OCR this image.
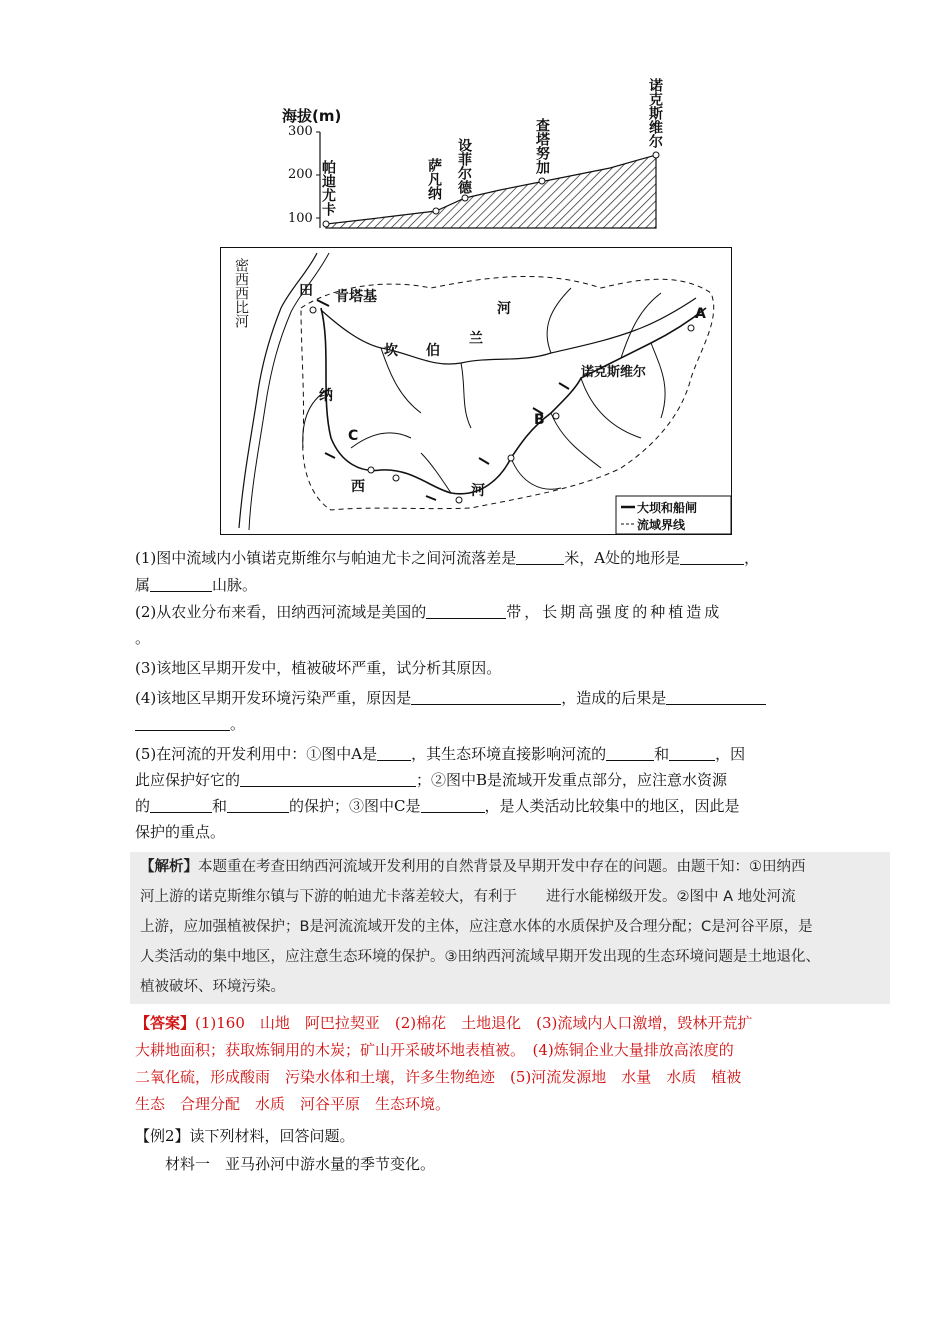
海拔(m)
300
200
100
帕迪尤卡	萨凡纳 设菲尔德	查塔努加	诺克斯维尔
密西西比河	田 肯塔基
河
坎 伯
兰
诺克斯维尔
纳
西	河
A
B
C
大坝和船闸
流域界线
(1)图中流域内小镇诺克斯维尔与帕迪尤卡之间河流落差是	米，A处的地形是	，
属	山脉。
(2)从农业分布来看，田纳西河流域是美国的	带，长期高强度的种植造成
。
(3)该地区早期开发中，植被破坏严重，试分析其原因。
(4)该地区早期开发环境污染严重，原因是	，造成的后果是
。
(5)在河流的开发利用中：①图中A是 ，其生态环境直接影响河流的	和	，因
此应保护好它的	；②图中B是流域开发重点部分，应注意水资源
的	和	的保护；③图中C是	，是人类活动比较集中的地区，因此是
保护的重点。
【解析】本题重在考查田纳西河流域开发利用的自然背景及早期开发中存在的问题。由题干知：①田纳西
河上游的诺克斯维尔镇与下游的帕迪尤卡落差较大，有利于　　进行水能梯级开发。②图中 A 地处河流
上游，应加强植被保护；B是河流流域开发的主体，应注意水体的水质保护及合理分配；C是河谷平原，是
人类活动的集中地区，应注意生态环境的保护。③田纳西河流域早期开发出现的生态环境问题是土地退化、
植被破坏、环境污染。
【答案】(1)160　山地　阿巴拉契亚　(2)棉花　土地退化　(3)流域内人口激增，毁林开荒扩
大耕地面积；获取炼铜用的木炭；矿山开采破坏地表植被。　(4)炼铜企业大量排放高浓度的
二氧化硫，形成酸雨　污染水体和土壤，许多生物绝迹　(5)河流发源地　水量　水质　植被
生态　合理分配　水质　河谷平原　生态环境。
【例2】读下列材料，回答问题。
材料一　亚马孙河中游水量的季节变化。
